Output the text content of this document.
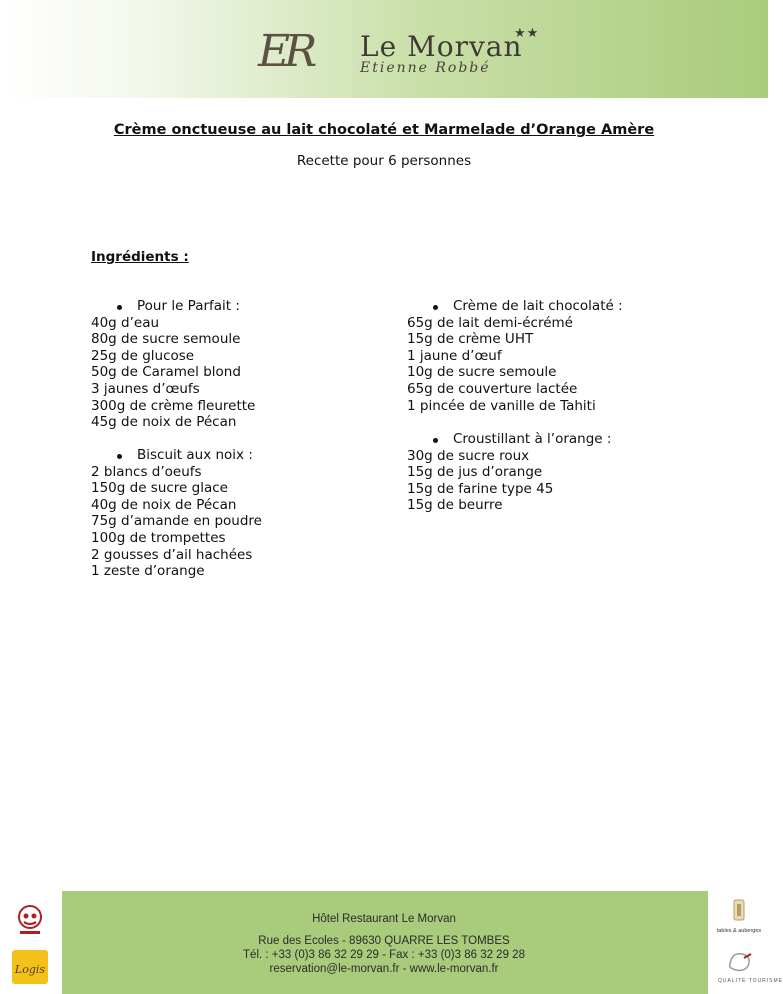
ER Le Morvan
★★
Etienne Robbé
Crème onctueuse au lait chocolaté et Marmelade d’Orange Amère
Recette pour 6 personnes
Ingrédients :
Pour le Parfait :
40g d’eau
80g de sucre semoule
25g de glucose
50g de Caramel blond
3 jaunes d’œufs
300g de crème fleurette
45g de noix de Pécan
Biscuit aux noix :
2 blancs d’oeufs
150g de sucre glace
40g de noix de Pécan
75g d’amande en poudre
100g de trompettes
2 gousses d’ail hachées
1 zeste d’orange
Crème de lait chocolaté :
65g de lait demi-écrémé
15g de crème UHT
1 jaune d’œuf
10g de sucre semoule
65g de couverture lactée
1 pincée de vanille de Tahiti
Croustillant à l’orange :
30g de sucre roux
15g de jus d’orange
15g de farine type 45
15g de beurre
Hôtel Restaurant Le Morvan
Rue des Ecoles - 89630 QUARRE LES TOMBES
Tél. : +33 (0)3 86 32 29 29 - Fax : +33 (0)3 86 32 29 28
reservation@le-morvan.fr - www.le-morvan.fr
Logis
tables & auberges
QUALITÉ TOURISME
